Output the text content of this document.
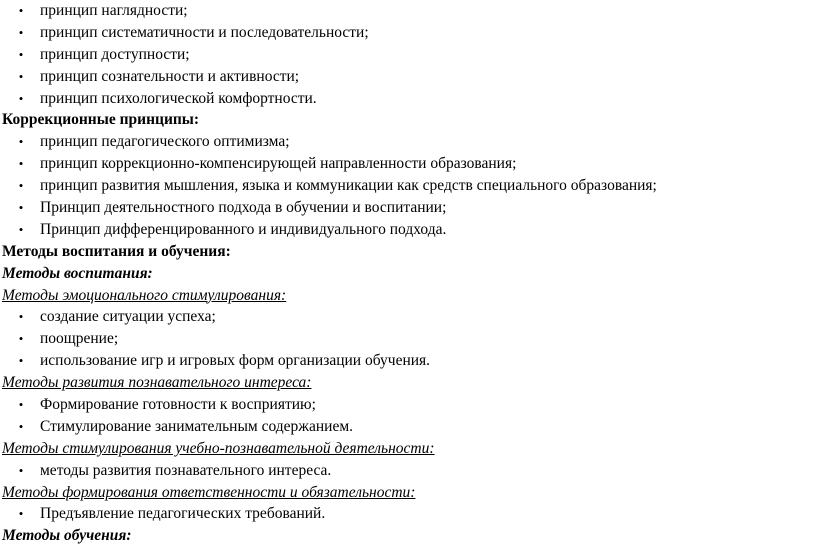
• принцип наглядности;
• принцип систематичности и последовательности;
• принцип доступности;
• принцип сознательности и активности;
• принцип психологической комфортности.
Коррекционные принципы:
• принцип педагогического оптимизма;
• принцип коррекционно-компенсирующей направленности образования;
• принцип развития мышления, языка и коммуникации как средств специального образования;
• Принцип деятельностного подхода в обучении и воспитании;
• Принцип дифференцированного и индивидуального подхода.
Методы воспитания и обучения:
Методы воспитания:
Методы эмоционального стимулирования:
• создание ситуации успеха;
• поощрение;
• использование игр и игровых форм организации обучения.
Методы развития познавательного интереса:
• Формирование готовности к восприятию;
• Стимулирование занимательным содержанием.
Методы стимулирования учебно-познавательной деятельности:
• методы развития познавательного интереса.
Методы формирования ответственности и обязательности:
• Предъявление педагогических требований.
Методы обучения:
